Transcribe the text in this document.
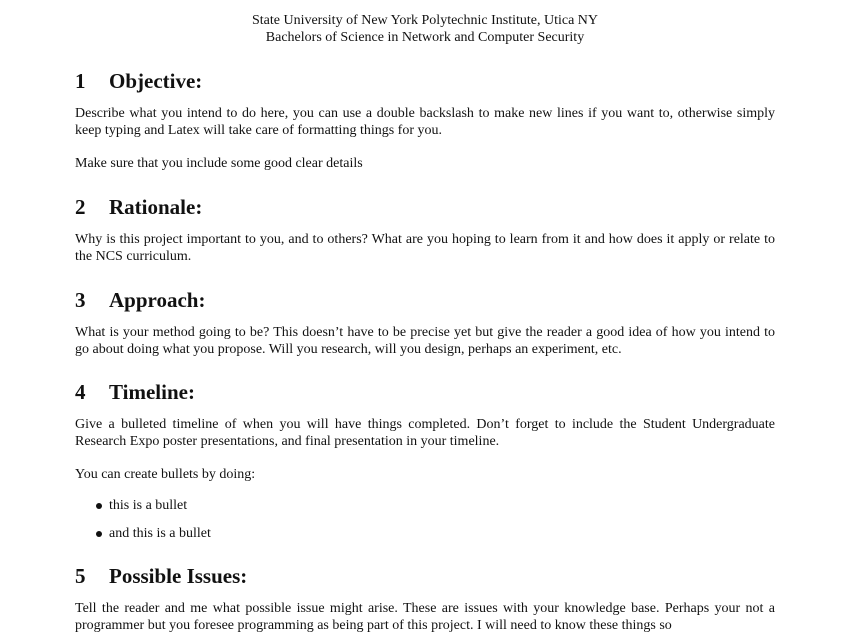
State University of New York Polytechnic Institute, Utica NY
Bachelors of Science in Network and Computer Security
1 Objective:

Describe what you intend to do here, you can use a double backslash to make new lines if you want to, otherwise simply keep typing and Latex will take care of formatting things for you.

Make sure that you include some good clear details

2 Rationale:

Why is this project important to you, and to others? What are you hoping to learn from it and how does it apply or relate to the NCS curriculum.

3 Approach:

What is your method going to be? This doesn’t have to be precise yet but give the reader a good idea of how you intend to go about doing what you propose. Will you research, will you design, perhaps an experiment, etc.

4 Timeline:

Give a bulleted timeline of when you will have things completed. Don’t forget to include the Student Undergraduate Research Expo poster presentations, and final presentation in your timeline.

You can create bullets by doing:

this is a bullet
and this is a bullet
5 Possible Issues:

Tell the reader and me what possible issue might arise. These are issues with your knowledge base. Perhaps your not a programmer but you foresee programming as being part of this project. I will need to know these things so
